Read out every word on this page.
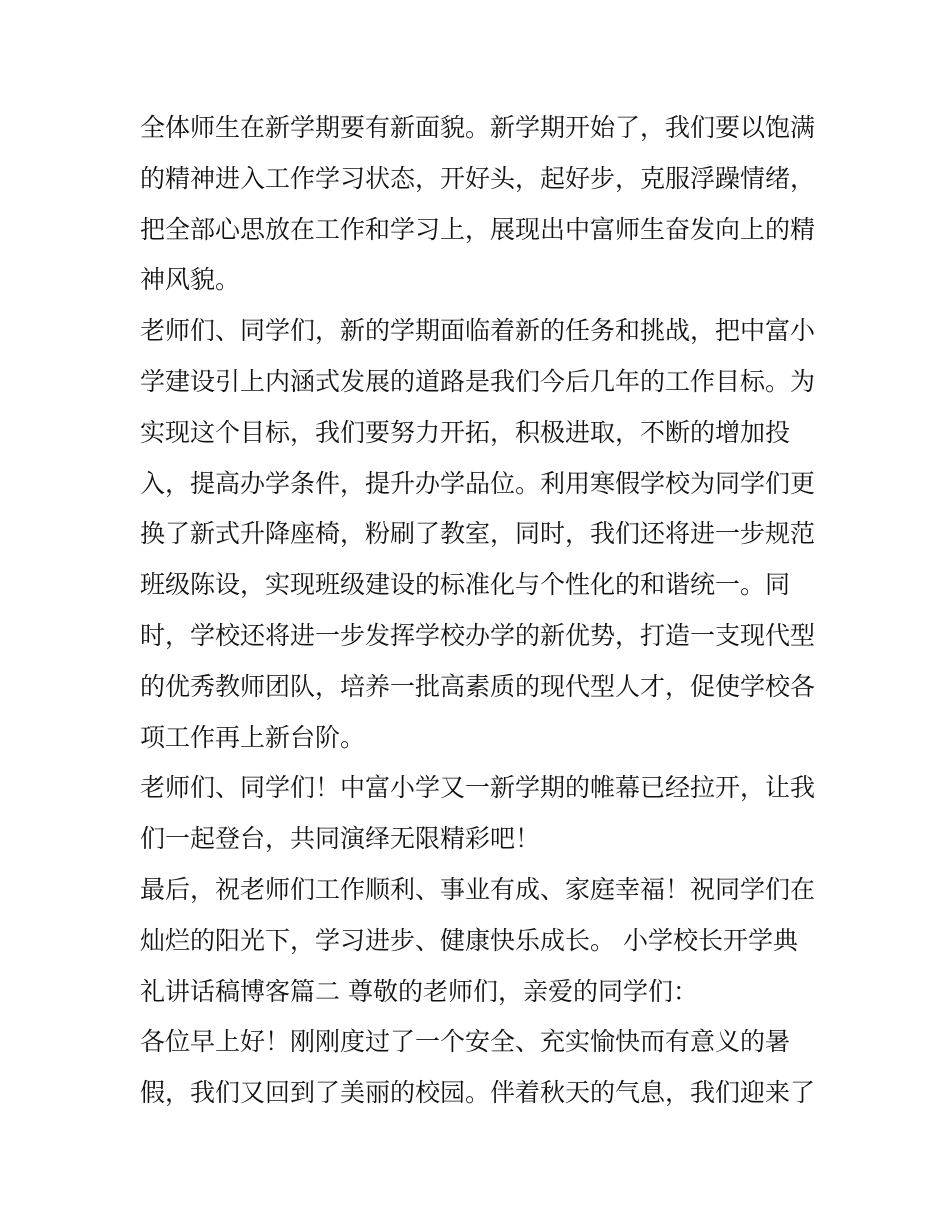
全体师生在新学期要有新面貌。新学期开始了，我们要以饱满
的精神进入工作学习状态，开好头，起好步，克服浮躁情绪，
把全部心思放在工作和学习上，展现出中富师生奋发向上的精
神风貌。
老师们、同学们，新的学期面临着新的任务和挑战，把中富小
学建设引上内涵式发展的道路是我们今后几年的工作目标。为
实现这个目标，我们要努力开拓，积极进取，不断的增加投
入，提高办学条件，提升办学品位。利用寒假学校为同学们更
换了新式升降座椅，粉刷了教室，同时，我们还将进一步规范
班级陈设，实现班级建设的标准化与个性化的和谐统一。同
时，学校还将进一步发挥学校办学的新优势，打造一支现代型
的优秀教师团队，培养一批高素质的现代型人才，促使学校各
项工作再上新台阶。
老师们、同学们！中富小学又一新学期的帷幕已经拉开，让我
们一起登台，共同演绎无限精彩吧！
最后，祝老师们工作顺利、事业有成、家庭幸福！祝同学们在
灿烂的阳光下，学习进步、健康快乐成长。 小学校长开学典
礼讲话稿博客篇二 尊敬的老师们，亲爱的同学们：
各位早上好！刚刚度过了一个安全、充实愉快而有意义的暑
假，我们又回到了美丽的校园。伴着秋天的气息，我们迎来了
